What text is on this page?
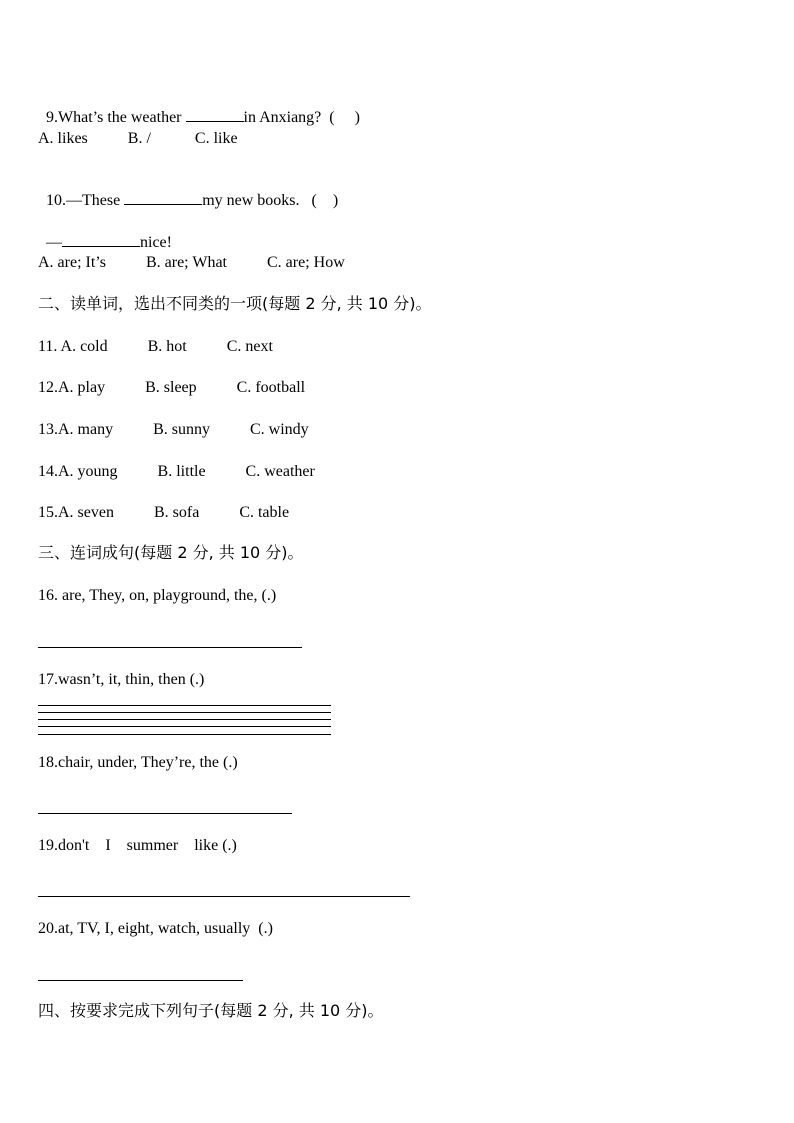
9.What’s the weather	in Anxiang?  (     )

A. likes          B. /           C. like

10.—These	my new books.   (    )

—	nice!

A. are; It’s          B. are; What          C. are; How
二、读单词，选出不同类的一项(每题 2 分, 共 10 分)。
11. A. cold          B. hot          C. next
12.A. play          B. sleep          C. football
13.A. many          B. sunny          C. windy
14.A. young          B. little          C. weather
15.A. seven          B. sofa          C. table
三、连词成句(每题 2 分, 共 10 分)。
16. are, They, on, playground, the, (.)
17.wasn’t, it, thin, then (.)
18.chair, under, They’re, the (.)
19.don't    I    summer    like (.)
20.at, TV, I, eight, watch, usually  (.)
四、按要求完成下列句子(每题 2 分, 共 10 分)。
